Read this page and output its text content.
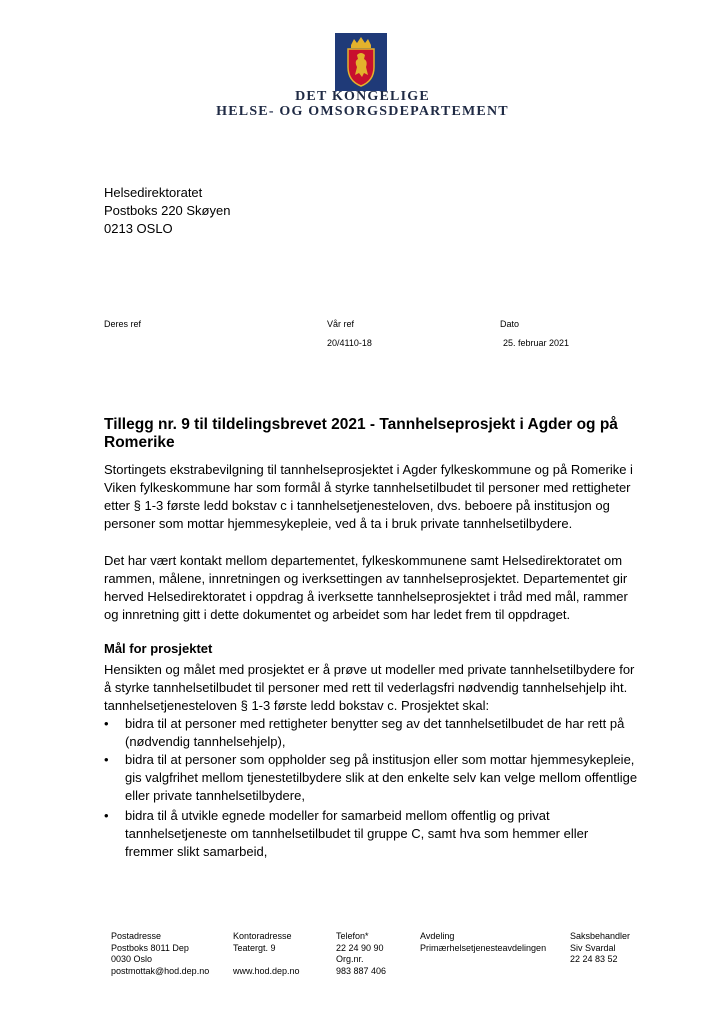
DET KONGELIGE
HELSE- OG OMSORGSDEPARTEMENT
Helsedirektoratet
Postboks 220 Skøyen
0213 OSLO
Deres ref	Vår ref
20/4110-18
Dato
25. februar 2021
Tillegg nr. 9 til tildelingsbrevet 2021 - Tannhelseprosjekt i Agder og på Romerike
Stortingets ekstrabevilgning til tannhelseprosjektet i Agder fylkeskommune og på Romerike i
Viken fylkeskommune har som formål å styrke tannhelsetilbudet til personer med rettigheter
etter § 1-3 første ledd bokstav c i tannhelsetjenesteloven, dvs. beboere på institusjon og
personer som mottar hjemmesykepleie, ved å ta i bruk private tannhelsetilbydere.
Det har vært kontakt mellom departementet, fylkeskommunene samt Helsedirektoratet om
rammen, målene, innretningen og iverksettingen av tannhelseprosjektet. Departementet gir
herved Helsedirektoratet i oppdrag å iverksette tannhelseprosjektet i tråd med mål, rammer
og innretning gitt i dette dokumentet og arbeidet som har ledet frem til oppdraget.
Mål for prosjektet
Hensikten og målet med prosjektet er å prøve ut modeller med private tannhelsetilbydere for
å styrke tannhelsetilbudet til personer med rett til vederlagsfri nødvendig tannhelsehjelp iht.
tannhelsetjenesteloven § 1-3 første ledd bokstav c. Prosjektet skal:
• bidra til at personer med rettigheter benytter seg av det tannhelsetilbudet de har rett på
(nødvendig tannhelsehjelp),
• bidra til at personer som oppholder seg på institusjon eller som mottar hjemmesykepleie,
gis valgfrihet mellom tjenestetilbydere slik at den enkelte selv kan velge mellom offentlige
eller private tannhelsetilbydere,
• bidra til å utvikle egnede modeller for samarbeid mellom offentlig og privat
tannhelsetjeneste om tannhelsetilbudet til gruppe C, samt hva som hemmer eller
fremmer slikt samarbeid,
Postadresse
Postboks 8011 Dep
0030 Oslo
postmottak@hod.dep.no
Kontoradresse
Teatergt. 9

www.hod.dep.no
Telefon*
22 24 90 90
Org.nr.
983 887 406
Avdeling
Primærhelsetjenesteavdelingen
Saksbehandler
Siv Svardal
22 24 83 52
